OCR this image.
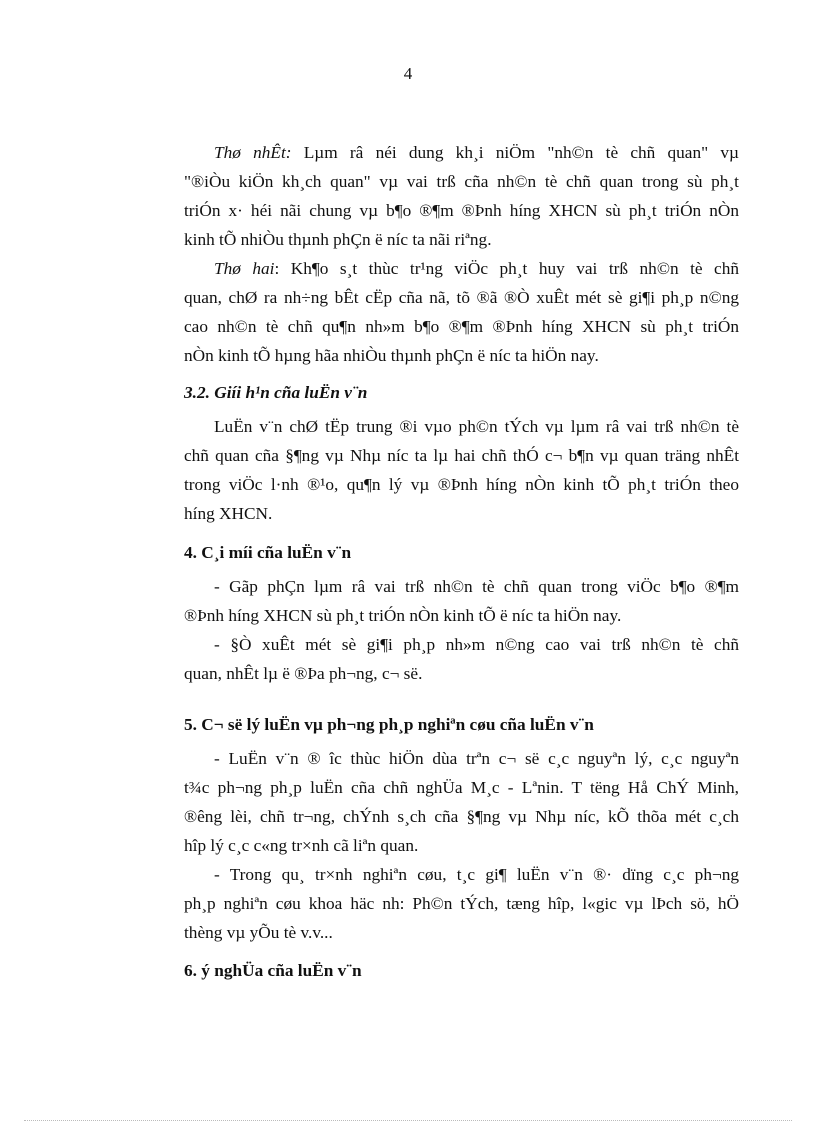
4
Thø nhÊt: Lµm râ néi dung kh¸i niÖm "nh©n tè chñ quan" vµ
"®iÒu kiÖn kh¸ch quan" vµ vai trß cña nh©n tè chñ quan trong sù ph¸t
triÓn x· héi nãi chung vµ b¶o ®¶m ®Þnh híng XHCN sù ph¸t triÓn nÒn
kinh tÕ nhiÒu thµnh phÇn ë níc ta nãi riªng.
Thø hai: Kh¶o s¸t thùc tr¹ng viÖc ph¸t huy vai trß nh©n tè chñ
quan, chØ ra nh÷ng bÊt cËp cña nã, tõ ®ã ®Ò xuÊt mét sè gi¶i ph¸p n©ng
cao nh©n tè chñ qu¶n nh»m b¶o ®¶m ®Þnh híng XHCN sù ph¸t triÓn
nÒn kinh tÕ hµng hãa nhiÒu thµnh phÇn ë níc ta hiÖn nay.
3.2. Giíi h¹n cña luËn v¨n
LuËn v¨n chØ tËp trung ®i vµo ph©n tÝch vµ lµm râ vai trß nh©n tè
chñ quan cña §¶ng vµ Nhµ níc ta lµ hai chñ thÓ c¬ b¶n vµ quan träng nhÊt
trong viÖc l·nh ®¹o, qu¶n lý vµ ®Þnh híng nÒn kinh tÕ ph¸t triÓn theo
híng XHCN.
4. C¸i míi cña luËn v¨n
- Gãp phÇn lµm râ vai trß nh©n tè chñ quan trong viÖc b¶o ®¶m
®Þnh híng XHCN sù ph¸t triÓn nÒn kinh tÕ ë níc ta hiÖn nay.
- §Ò xuÊt mét sè gi¶i ph¸p nh»m n©ng cao vai trß nh©n tè chñ
quan, nhÊt lµ ë ®Þa ph¬ng, c¬ së.
5. C¬ së lý luËn vµ ph¬ng ph¸p nghiªn cøu cña luËn v¨n
- LuËn v¨n ® îc thùc hiÖn dùa trªn c¬ së c¸c nguyªn lý, c¸c nguyªn
t¾c ph¬ng ph¸p luËn cña chñ nghÜa M¸c - Lªnin. T tëng Hå ChÝ Minh,
®êng lèi, chñ tr¬ng, chÝnh s¸ch cña §¶ng vµ Nhµ níc, kÕ thõa mét c¸ch
hîp lý c¸c c«ng tr×nh cã liªn quan.
- Trong qu¸ tr×nh nghiªn cøu, t¸c gi¶ luËn v¨n ®· dïng c¸c ph¬ng
ph¸p nghiªn cøu khoa häc nh: Ph©n tÝch, tæng hîp, l«gic vµ lÞch sö, hÖ
thèng vµ yÕu tè v.v...
6. ý nghÜa cña luËn v¨n
